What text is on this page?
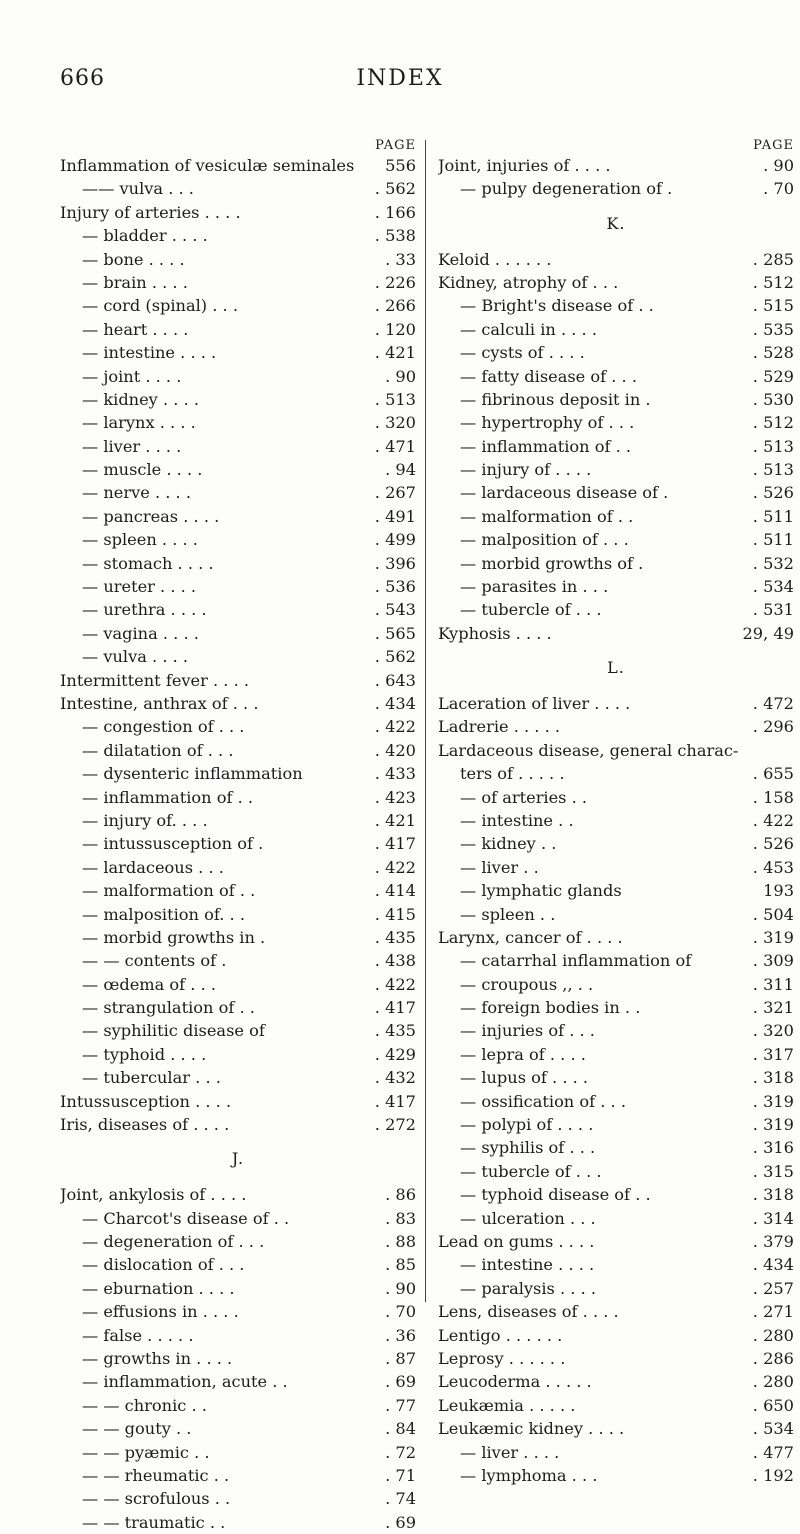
666	INDEX
PAGE
Inflammation of vesiculæ seminales 556
—— vulva . . .	. 562
Injury of arteries . . . .	. 166
— bladder . . . .	. 538
— bone . . . .	. 33
— brain . . . .	. 226
— cord (spinal) . . .	. 266
— heart . . . .	. 120
— intestine . . . .	. 421
— joint . . . .	. 90
— kidney . . . .	. 513
— larynx . . . .	. 320
— liver . . . .	. 471
— muscle . . . .	. 94
— nerve . . . .	. 267
— pancreas . . . .	. 491
— spleen . . . .	. 499
— stomach . . . .	. 396
— ureter . . . .	. 536
— urethra . . . .	. 543
— vagina . . . .	. 565
— vulva . . . .	. 562
Intermittent fever . . . .	. 643
Intestine, anthrax of . . .	. 434
— congestion of . . .	. 422
— dilatation of . . .	. 420
— dysenteric inflammation	. 433
— inflammation of . .	. 423
— injury of. . . .	. 421
— intussusception of .	. 417
— lardaceous . . .	. 422
— malformation of . .	. 414
— malposition of. . .	. 415
— morbid growths in .	. 435
— — contents of .	. 438
— œdema of . . .	. 422
— strangulation of . .	. 417
— syphilitic disease of	. 435
— typhoid . . . .	. 429
— tubercular . . .	. 432
Intussusception . . . .	. 417
Iris, diseases of . . . .	. 272
J.
Joint, ankylosis of . . . .	. 86
— Charcot's disease of . .	. 83
— degeneration of . . .	. 88
— dislocation of . . .	. 85
— eburnation . . . .	. 90
— effusions in . . . .	. 70
— false . . . . .	. 36
— growths in . . . .	. 87
— inflammation, acute . .	. 69
— — chronic . .	. 77
— — gouty . .	. 84
— — pyæmic . .	. 72
— — rheumatic . .	. 71
— — scrofulous . .	. 74
— — traumatic . .	. 69
PAGE
Joint, injuries of . . . .	. 90
— pulpy degeneration of .	. 70
K.
Keloid . . . . . .	. 285
Kidney, atrophy of . . .	. 512
— Bright's disease of . .	. 515
— calculi in . . . .	. 535
— cysts of . . . .	. 528
— fatty disease of . . .	. 529
— fibrinous deposit in .	. 530
— hypertrophy of . . .	. 512
— inflammation of . .	. 513
— injury of . . . .	. 513
— lardaceous disease of .	. 526
— malformation of . .	. 511
— malposition of . . .	. 511
— morbid growths of .	. 532
— parasites in . . .	. 534
— tubercle of . . .	. 531
Kyphosis . . . .	29, 49
L.
Laceration of liver . . . .	. 472
Ladrerie . . . . .	. 296
Lardaceous disease, general charac-
ters of . . . . .	. 655
— of arteries . .	. 158
— intestine . .	. 422
— kidney . .	. 526
— liver . .	. 453
— lymphatic glands	193
— spleen . .	. 504
Larynx, cancer of . . . .	. 319
— catarrhal inflammation of	. 309
— croupous ,, . .	. 311
— foreign bodies in . .	. 321
— injuries of . . .	. 320
— lepra of . . . .	. 317
— lupus of . . . .	. 318
— ossification of . . .	. 319
— polypi of . . . .	. 319
— syphilis of . . .	. 316
— tubercle of . . .	. 315
— typhoid disease of . .	. 318
— ulceration . . .	. 314
Lead on gums . . . .	. 379
— intestine . . . .	. 434
— paralysis . . . .	. 257
Lens, diseases of . . . .	. 271
Lentigo . . . . . .	. 280
Leprosy . . . . . .	. 286
Leucoderma . . . . .	. 280
Leukæmia . . . . .	. 650
Leukæmic kidney . . . .	. 534
— liver . . . .	. 477
— lymphoma . . .	. 192
